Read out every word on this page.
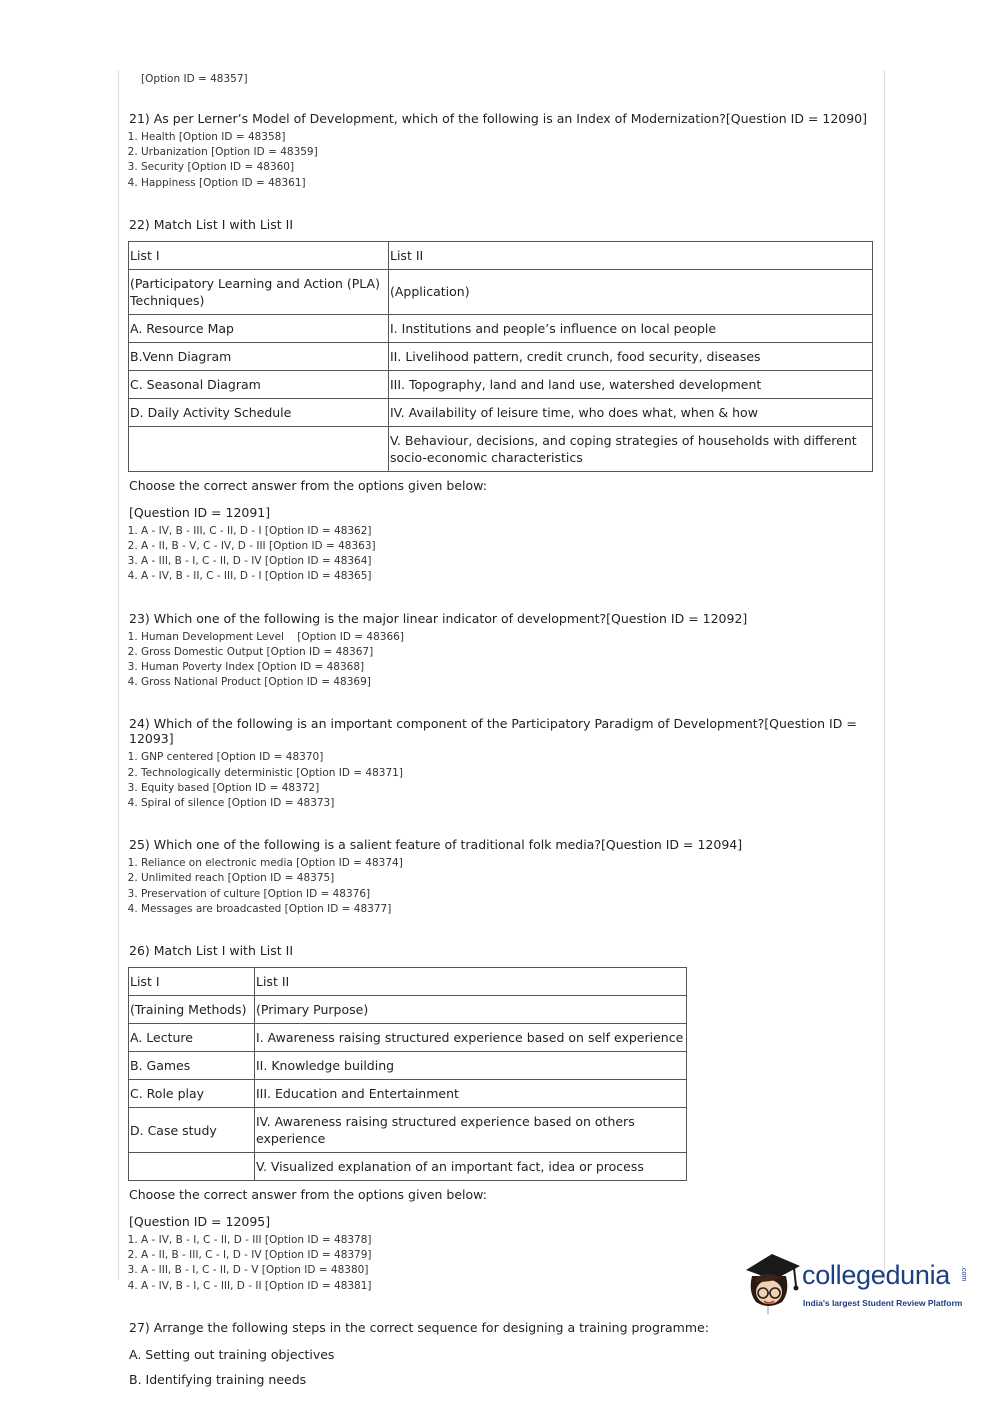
[Option ID = 48357]
21) As per Lerner’s Model of Development, which of the following is an Index of Modernization?[Question ID = 12090]
1. Health [Option ID = 48358]
2. Urbanization [Option ID = 48359]
3. Security [Option ID = 48360]
4. Happiness [Option ID = 48361]
22) Match List I with List II
List I	List II
(Participatory Learning and Action (PLA) Techniques)	(Application)
A. Resource Map	I. Institutions and people’s influence on local people
B.Venn Diagram	II. Livelihood pattern, credit crunch, food security, diseases
C. Seasonal Diagram	III. Topography, land and land use, watershed development
D. Daily Activity Schedule	IV. Availability of leisure time, who does what, when & how
	V. Behaviour, decisions, and coping strategies of households with different socio-economic characteristics
Choose the correct answer from the options given below:
[Question ID = 12091]
1. A - IV, B - III, C - II, D - I [Option ID = 48362]
2. A - II, B - V, C - IV, D - III [Option ID = 48363]
3. A - III, B - I, C - II, D - IV [Option ID = 48364]
4. A - IV, B - II, C - III, D - I [Option ID = 48365]
23) Which one of the following is the major linear indicator of development?[Question ID = 12092]
1. Human Development Level    [Option ID = 48366]
2. Gross Domestic Output [Option ID = 48367]
3. Human Poverty Index [Option ID = 48368]
4. Gross National Product [Option ID = 48369]
24) Which of the following is an important component of the Participatory Paradigm of Development?[Question ID = 12093]
1. GNP centered [Option ID = 48370]
2. Technologically deterministic [Option ID = 48371]
3. Equity based [Option ID = 48372]
4. Spiral of silence [Option ID = 48373]
25) Which one of the following is a salient feature of traditional folk media?[Question ID = 12094]
1. Reliance on electronic media [Option ID = 48374]
2. Unlimited reach [Option ID = 48375]
3. Preservation of culture [Option ID = 48376]
4. Messages are broadcasted [Option ID = 48377]
26) Match List I with List II
List I	List II
(Training Methods)	(Primary Purpose)
A. Lecture	I. Awareness raising structured experience based on self experience
B. Games	II. Knowledge building
C. Role play	III. Education and Entertainment
D. Case study	IV. Awareness raising structured experience based on others experience
	V. Visualized explanation of an important fact, idea or process
Choose the correct answer from the options given below:
[Question ID = 12095]
1. A - IV, B - I, C - II, D - III [Option ID = 48378]
2. A - II, B - III, C - I, D - IV [Option ID = 48379]
3. A - III, B - I, C - II, D - V [Option ID = 48380]
4. A - IV, B - I, C - III, D - II [Option ID = 48381]
27) Arrange the following steps in the correct sequence for designing a training programme:
A. Setting out training objectives
B. Identifying training needs
collegedunia .com
India's largest Student Review Platform
